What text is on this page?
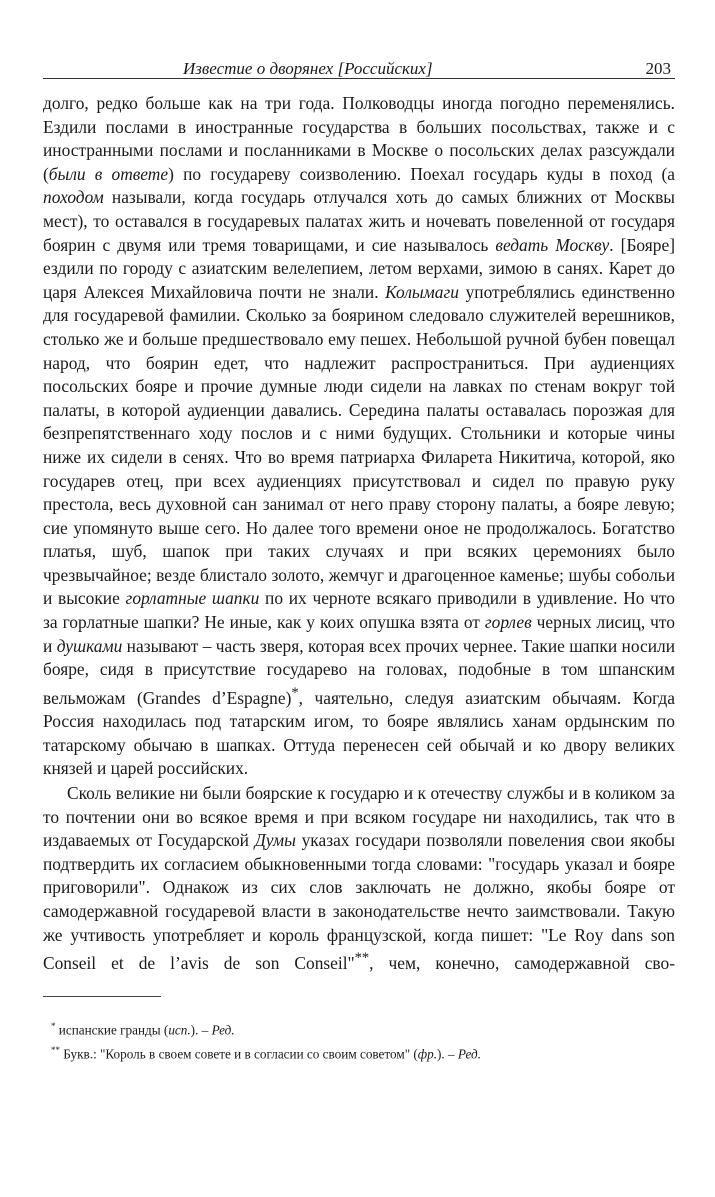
Известие о дворянех [Российских]	203

долго, редко больше как на три года. Полководцы иногда погодно переменялись. Ездили послами в иностранные государства в больших посольствах, также и с иностранными послами и посланниками в Москве о посольских делах разсуждали (были в ответе) по государеву соизволению. Поехал государь куды в поход (а походом называли, когда государь отлучался хоть до самых ближних от Москвы мест), то оставался в государевых палатах жить и ночевать повеленной от государя боярин с двумя или тремя товарищами, и сие называлось ведать Москву. [Бояре] ездили по городу с азиатским велелепием, летом верхами, зимою в санях. Карет до царя Алексея Михайловича почти не знали. Колымаги употреблялись единственно для государевой фамилии. Сколько за боярином следовало служителей верешников, столько же и больше предшествовало ему пешех. Небольшой ручной бубен повещал народ, что боярин едет, что надлежит распространиться. При аудиенциях посольских бояре и прочие думные люди сидели на лавках по стенам вокруг той палаты, в которой аудиенции давались. Середина палаты оставалась порозжая для безпрепятственнаго ходу послов и с ними будущих. Стольники и которые чины ниже их сидели в сенях. Что во время патриарха Филарета Никитича, которой, яко государев отец, при всех аудиенциях присутствовал и сидел по правую руку престола, весь духовной сан занимал от него праву сторону палаты, а бояре левую; сие упомянуто выше сего. Но далее того времени оное не продолжалось. Богатство платья, шуб, шапок при таких случаях и при всяких церемониях было чрезвычайное; везде блистало золото, жемчуг и драгоценное каменье; шубы собольи и высокие горлатные шапки по их черноте всякаго приводили в удивление. Но что за горлатные шапки? Не иные, как у коих опушка взята от горлев черных лисиц, что и душками называют – часть зверя, которая всех прочих чернее. Такие шапки носили бояре, сидя в присутствие государево на головах, подобные в том шпанским вельможам (Grandes d’Espagne)*, чаятельно, следуя азиатским обычаям. Когда Россия находилась под татарским игом, то бояре являлись ханам ордынским по татарскому обычаю в шапках. Оттуда перенесен сей обычай и ко двору великих князей и царей российских.

Сколь великие ни были боярские к государю и к отечеству службы и в коликом за то почтении они во всякое время и при всяком государе ни находились, так что в издаваемых от Государской Думы указах государи позволяли повеления свои якобы подтвердить их согласием обыкновенными тогда словами: "государь указал и бояре приговорили". Однакож из сих слов заключать не должно, якобы бояре от самодержавной государевой власти в законодательстве нечто заимствовали. Такую же учтивость употребляет и король французской, когда пишет: "Le Roy dans son Conseil et de l’avis de son Conseil"**, чем, конечно, самодержавной сво-

* испанские гранды (исп.). – Ред.
** Букв.: "Король в своем совете и в согласии со своим советом" (фр.). – Ред.
